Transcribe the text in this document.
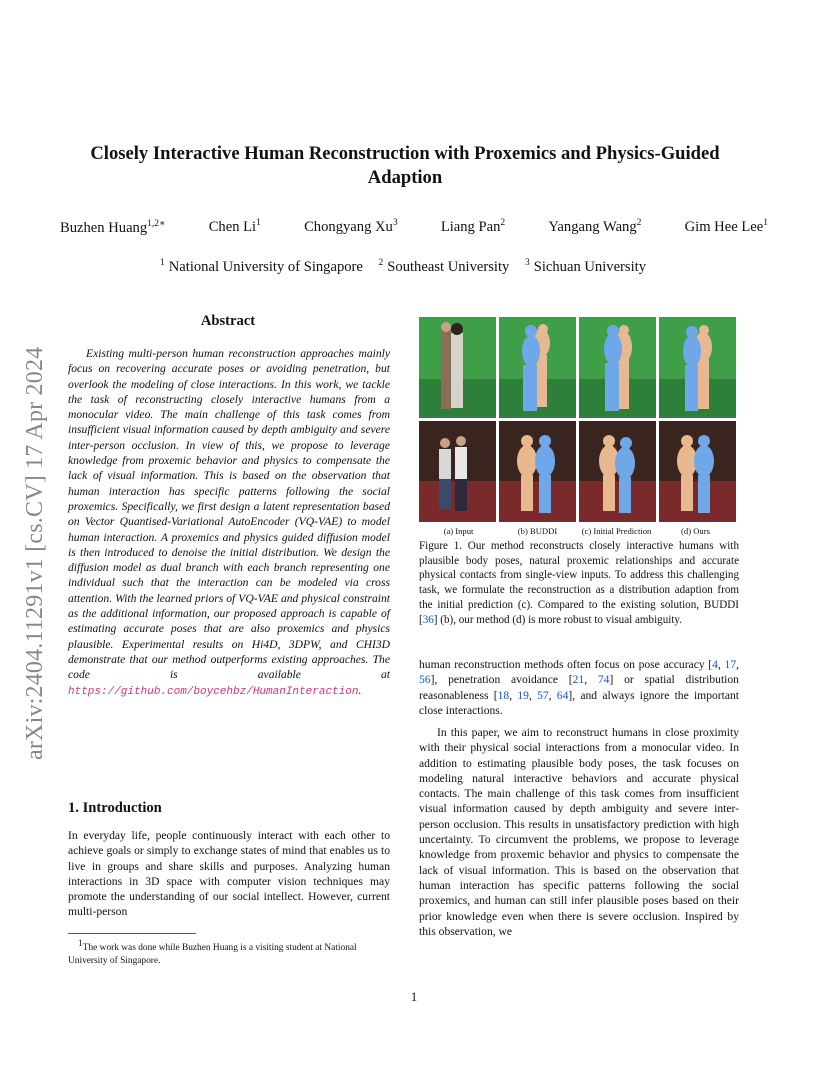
arXiv:2404.11291v1 [cs.CV] 17 Apr 2024
Closely Interactive Human Reconstruction with Proxemics and Physics-Guided Adaption
Buzhen Huang$^{1,2∗}$	Chen Li$^1$	Chongyang Xu$^3$	Liang Pan$^2$	Yangang Wang$^2$	Gim Hee Lee$^1$
$^1$ National University of Singapore $^2$ Southeast University $^3$ Sichuan University
Abstract
Existing multi-person human reconstruction approaches mainly focus on recovering accurate poses or avoiding penetration, but overlook the modeling of close interactions. In this work, we tackle the task of reconstructing closely interactive humans from a monocular video. The main challenge of this task comes from insufficient visual information caused by depth ambiguity and severe inter-person occlusion. In view of this, we propose to leverage knowledge from proxemic behavior and physics to compensate the lack of visual information. This is based on the observation that human interaction has specific patterns following the social proxemics. Specifically, we first design a latent representation based on Vector Quantised-Variational AutoEncoder (VQ-VAE) to model human interaction. A proxemics and physics guided diffusion model is then introduced to denoise the initial distribution. We design the diffusion model as dual branch with each branch representing one individual such that the interaction can be modeled via cross attention. With the learned priors of VQ-VAE and physical constraint as the additional information, our proposed approach is capable of estimating accurate poses that are also proxemics and physics plausible. Experimental results on Hi4D, 3DPW, and CHI3D demonstrate that our method outperforms existing approaches. The code is available at https://github.com/boycehbz/HumanInteraction.
1. Introduction
In everyday life, people continuously interact with each other to achieve goals or simply to exchange states of mind that enables us to live in groups and share skills and purposes. Analyzing human interactions in 3D space with computer vision techniques may promote the understanding of our social intellect. However, current multi-person
$^1$The work was done while Buzhen Huang is a visiting student at National University of Singapore.
(a) Input	(b) BUDDI	(c) Initial Prediction	(d) Ours
Figure 1. Our method reconstructs closely interactive humans with plausible body poses, natural proxemic relationships and accurate physical contacts from single-view inputs. To address this challenging task, we formulate the reconstruction as a distribution adaption from the initial prediction (c). Compared to the existing solution, BUDDI [36] (b), our method (d) is more robust to visual ambiguity.
human reconstruction methods often focus on pose accuracy [4, 17, 56], penetration avoidance [21, 74] or spatial distribution reasonableness [18, 19, 57, 64], and always ignore the important close interactions.
In this paper, we aim to reconstruct humans in close proximity with their physical social interactions from a monocular video. In addition to estimating plausible body poses, the task focuses on modeling natural interactive behaviors and accurate physical contacts. The main challenge of this task comes from insufficient visual information caused by depth ambiguity and severe inter-person occlusion. This results in unsatisfactory prediction with high uncertainty. To circumvent the problems, we propose to leverage knowledge from proxemic behavior and physics to compensate the lack of visual information. This is based on the observation that human interaction has specific patterns following the social proxemics, and human can still infer plausible poses based on their prior knowledge even when there is severe occlusion. Inspired by this observation, we
1
